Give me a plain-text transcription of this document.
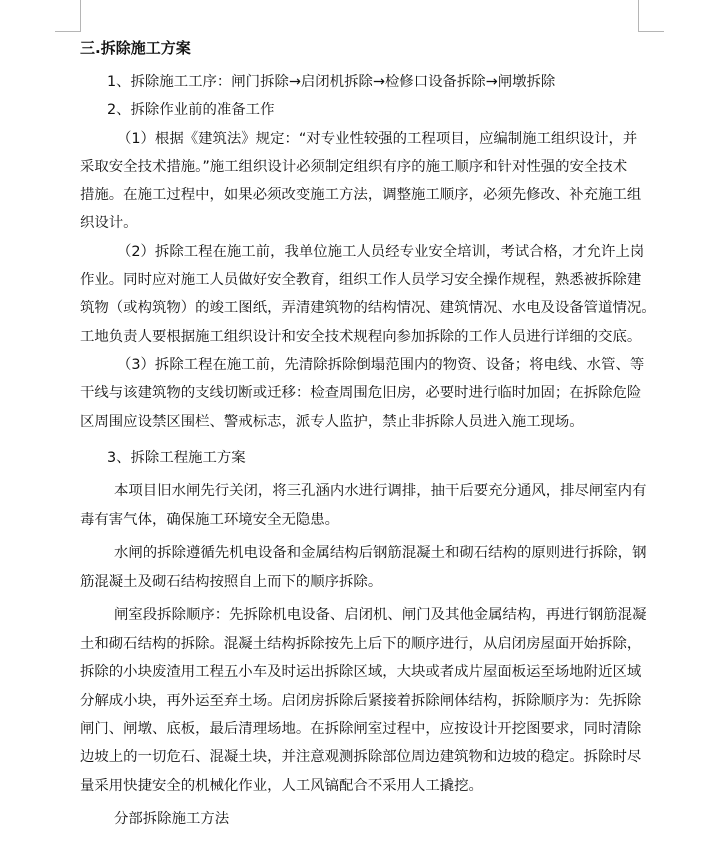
三.拆除施工方案
1、拆除施工工序：闸门拆除→启闭机拆除→检修口设备拆除→闸墩拆除
2、拆除作业前的准备工作
（1）根据《建筑法》规定：“对专业性较强的工程项目，应编制施工组织设计，并
采取安全技术措施。”施工组织设计必须制定组织有序的施工顺序和针对性强的安全技术
措施。在施工过程中，如果必须改变施工方法，调整施工顺序，必须先修改、补充施工组
织设计。
（2）拆除工程在施工前，我单位施工人员经专业安全培训，考试合格，才允许上岗
作业。同时应对施工人员做好安全教育，组织工作人员学习安全操作规程，熟悉被拆除建
筑物（或构筑物）的竣工图纸，弄清建筑物的结构情况、建筑情况、水电及设备管道情况。
工地负责人要根据施工组织设计和安全技术规程向参加拆除的工作人员进行详细的交底。
（3）拆除工程在施工前，先清除拆除倒塌范围内的物资、设备；将电线、水管、等
干线与该建筑物的支线切断或迁移：检查周围危旧房，必要时进行临时加固；在拆除危险
区周围应设禁区围栏、警戒标志，派专人监护，禁止非拆除人员进入施工现场。
3、拆除工程施工方案
本项目旧水闸先行关闭，将三孔涵内水进行调排，抽干后要充分通风，排尽闸室内有
毒有害气体，确保施工环境安全无隐患。
水闸的拆除遵循先机电设备和金属结构后钢筋混凝土和砌石结构的原则进行拆除，钢
筋混凝土及砌石结构按照自上而下的顺序拆除。
闸室段拆除顺序：先拆除机电设备、启闭机、闸门及其他金属结构，再进行钢筋混凝
土和砌石结构的拆除。混凝土结构拆除按先上后下的顺序进行，从启闭房屋面开始拆除，
拆除的小块废渣用工程五小车及时运出拆除区域，大块或者成片屋面板运至场地附近区域
分解成小块，再外运至弃土场。启闭房拆除后紧接着拆除闸体结构，拆除顺序为：先拆除
闸门、闸墩、底板，最后清理场地。在拆除闸室过程中，应按设计开挖图要求，同时清除
边坡上的一切危石、混凝土块，并注意观测拆除部位周边建筑物和边坡的稳定。拆除时尽
量采用快捷安全的机械化作业，人工风镐配合不采用人工撬挖。
分部拆除施工方法
